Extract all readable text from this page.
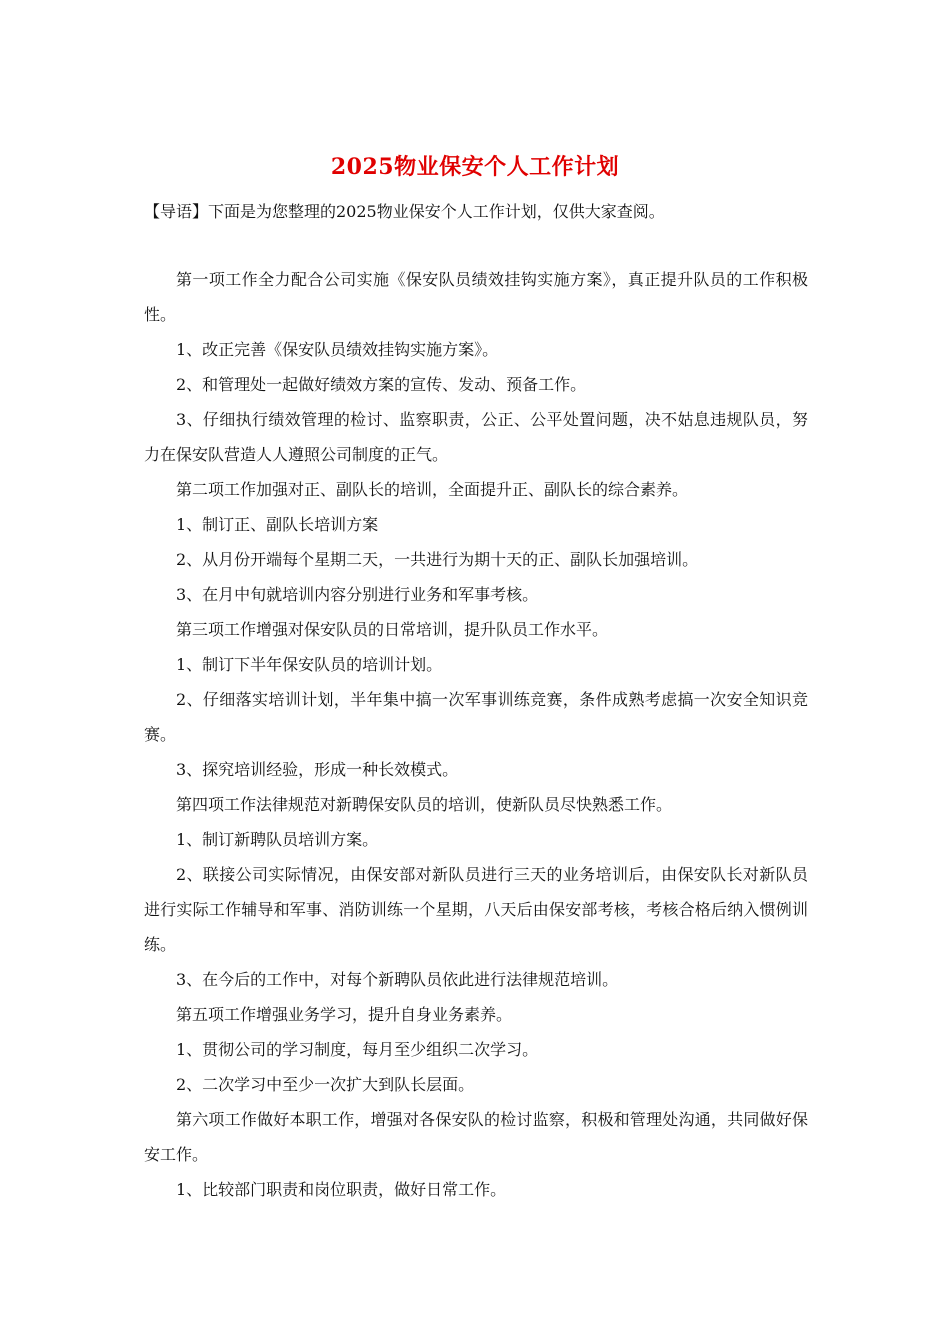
2025物业保安个人工作计划
【导语】下面是为您整理的2025物业保安个人工作计划，仅供大家查阅。

第一项工作全力配合公司实施《保安队员绩效挂钩实施方案》，真正提升队员的工作积极性。

1、改正完善《保安队员绩效挂钩实施方案》。

2、和管理处一起做好绩效方案的宣传、发动、预备工作。

3、仔细执行绩效管理的检讨、监察职责，公正、公平处置问题，决不姑息违规队员，努力在保安队营造人人遵照公司制度的正气。

第二项工作加强对正、副队长的培训，全面提升正、副队长的综合素养。

1、制订正、副队长培训方案

2、从月份开端每个星期二天，一共进行为期十天的正、副队长加强培训。

3、在月中旬就培训内容分别进行业务和军事考核。

第三项工作增强对保安队员的日常培训，提升队员工作水平。

1、制订下半年保安队员的培训计划。

2、仔细落实培训计划，半年集中搞一次军事训练竞赛，条件成熟考虑搞一次安全知识竞赛。

3、探究培训经验，形成一种长效模式。

第四项工作法律规范对新聘保安队员的培训，使新队员尽快熟悉工作。

1、制订新聘队员培训方案。

2、联接公司实际情况，由保安部对新队员进行三天的业务培训后，由保安队长对新队员进行实际工作辅导和军事、消防训练一个星期，八天后由保安部考核，考核合格后纳入惯例训练。

3、在今后的工作中，对每个新聘队员依此进行法律规范培训。

第五项工作增强业务学习，提升自身业务素养。

1、贯彻公司的学习制度，每月至少组织二次学习。

2、二次学习中至少一次扩大到队长层面。

第六项工作做好本职工作，增强对各保安队的检讨监察，积极和管理处沟通，共同做好保安工作。

1、比较部门职责和岗位职责，做好日常工作。
